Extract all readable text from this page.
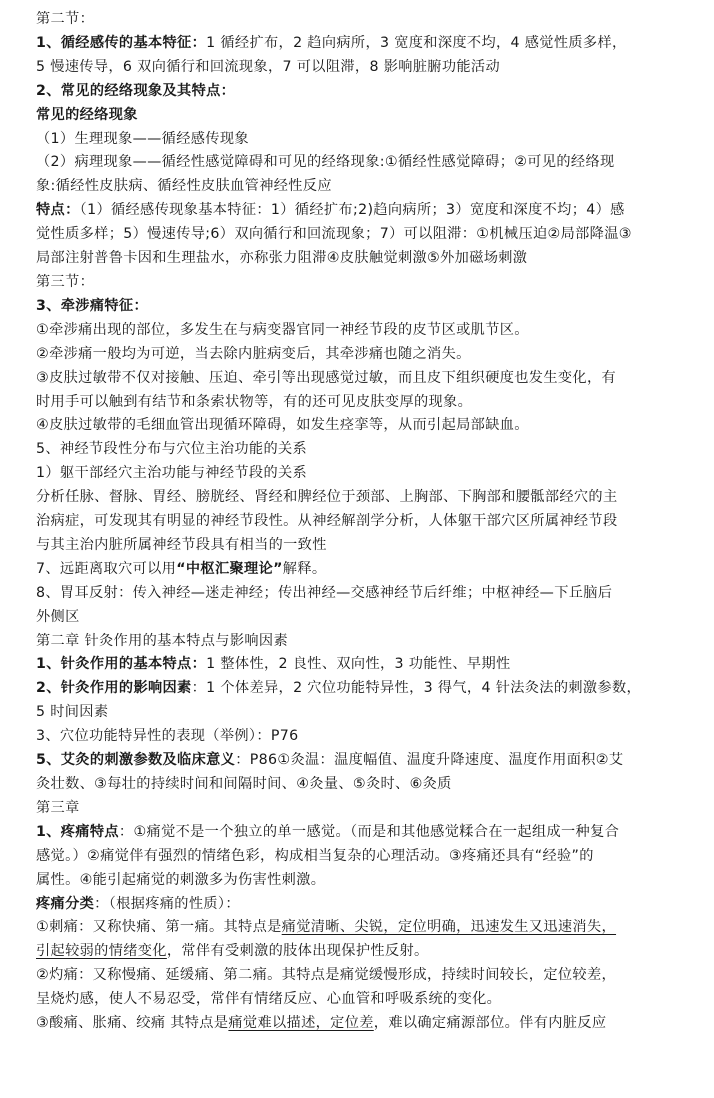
第二节：
1、循经感传的基本特征：1 循经扩布，2 趋向病所，3 宽度和深度不均，4 感觉性质多样，
5 慢速传导，6 双向循行和回流现象，7 可以阻滞，8 影响脏腑功能活动
2、常见的经络现象及其特点：
常见的经络现象
（1）生理现象——循经感传现象
（2）病理现象——循经性感觉障碍和可见的经络现象:①循经性感觉障碍；②可见的经络现
象:循经性皮肤病、循经性皮肤血管神经性反应
特点：（1）循经感传现象基本特征：1）循经扩布;2)趋向病所；3）宽度和深度不均；4）感
觉性质多样；5）慢速传导;6）双向循行和回流现象；7）可以阻滞：①机械压迫②局部降温③
局部注射普鲁卡因和生理盐水，亦称张力阻滞④皮肤触觉刺激⑤外加磁场刺激
第三节：
3、牵涉痛特征：
①牵涉痛出现的部位，多发生在与病变器官同一神经节段的皮节区或肌节区。
②牵涉痛一般均为可逆，当去除内脏病变后，其牵涉痛也随之消失。
③皮肤过敏带不仅对接触、压迫、牵引等出现感觉过敏，而且皮下组织硬度也发生变化，有
时用手可以触到有结节和条索状物等，有的还可见皮肤变厚的现象。
④皮肤过敏带的毛细血管出现循环障碍，如发生痉挛等，从而引起局部缺血。
5、神经节段性分布与穴位主治功能的关系
1）躯干部经穴主治功能与神经节段的关系
分析任脉、督脉、胃经、膀胱经、肾经和脾经位于颈部、上胸部、下胸部和腰骶部经穴的主
治病症，可发现其有明显的神经节段性。从神经解剖学分析，人体躯干部穴区所属神经节段
与其主治内脏所属神经节段具有相当的一致性
7、远距离取穴可以用“中枢汇聚理论”解释。
8、胃耳反射：传入神经—迷走神经；传出神经—交感神经节后纤维；中枢神经—下丘脑后
外侧区
第二章 针灸作用的基本特点与影响因素
1、针灸作用的基本特点：1 整体性，2 良性、双向性，3 功能性、早期性
2、针灸作用的影响因素：1 个体差异，2 穴位功能特异性，3 得气，4 针法灸法的刺激参数，
5 时间因素
3、穴位功能特异性的表现（举例）：P76
5、艾灸的刺激参数及临床意义：P86①灸温：温度幅值、温度升降速度、温度作用面积②艾
灸壮数、③每壮的持续时间和间隔时间、④灸量、⑤灸时、⑥灸质
第三章
1、疼痛特点：①痛觉不是一个独立的单一感觉。（而是和其他感觉糅合在一起组成一种复合
感觉。）②痛觉伴有强烈的情绪色彩，构成相当复杂的心理活动。③疼痛还具有“经验”的
属性。④能引起痛觉的刺激多为伤害性刺激。
疼痛分类：（根据疼痛的性质）：
①刺痛：又称快痛、第一痛。其特点是痛觉清晰、尖锐，定位明确，迅速发生又迅速消失，
引起较弱的情绪变化，常伴有受刺激的肢体出现保护性反射。
②灼痛：又称慢痛、延缓痛、第二痛。其特点是痛觉缓慢形成，持续时间较长，定位较差，
呈烧灼感，使人不易忍受，常伴有情绪反应、心血管和呼吸系统的变化。
③酸痛、胀痛、绞痛 其特点是痛觉难以描述，定位差，难以确定痛源部位。伴有内脏反应
